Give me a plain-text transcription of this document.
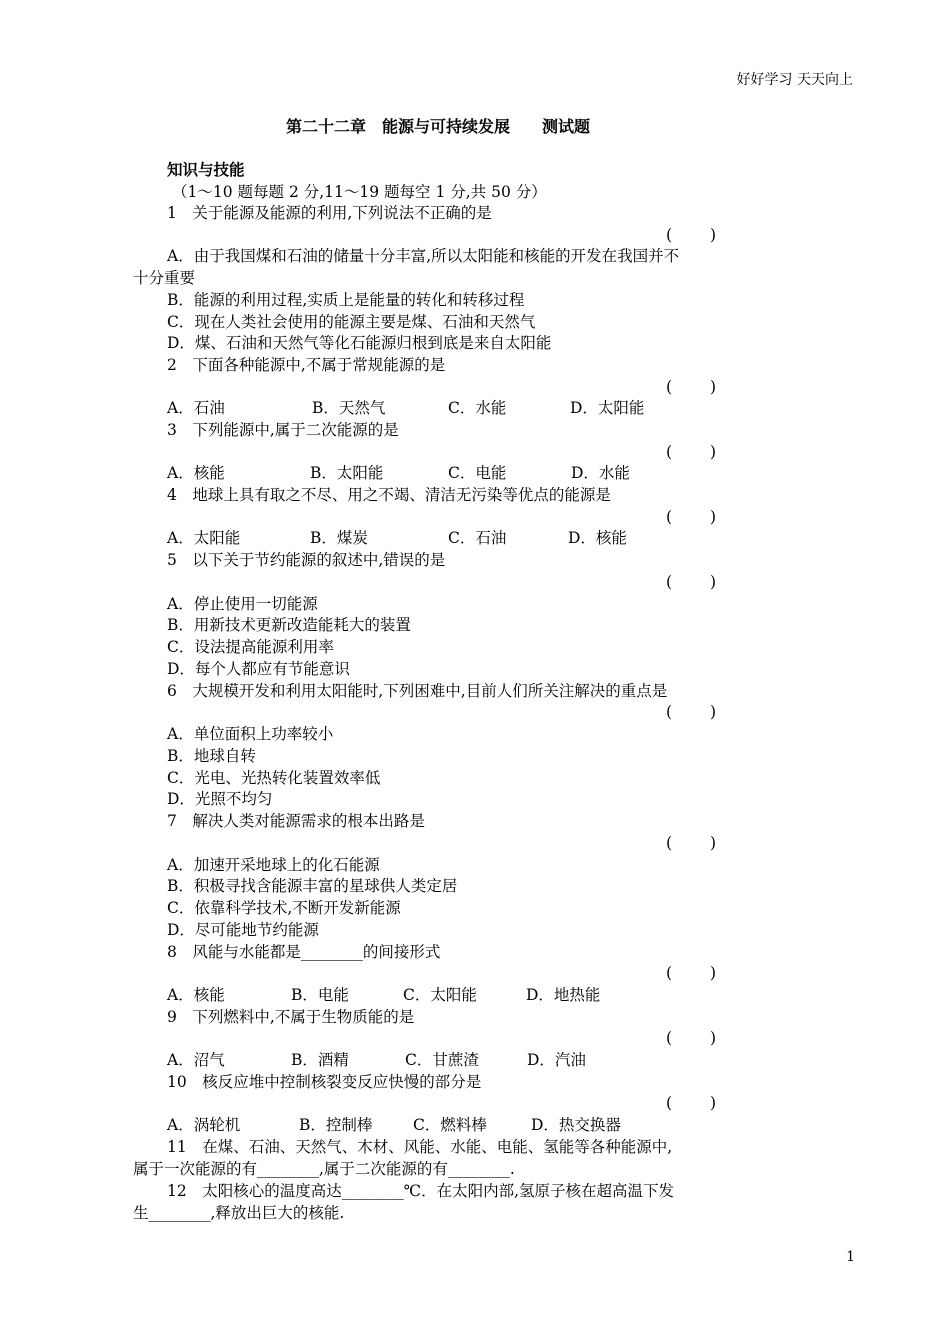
好好学习 天天向上
第二十二章　能源与可持续发展　　测试题
知识与技能
（1～10 题每题 2 分,11～19 题每空 1 分,共 50 分）
1　关于能源及能源的利用,下列说法不正确的是
( )
A．由于我国煤和石油的储量十分丰富,所以太阳能和核能的开发在我国并不
十分重要
B．能源的利用过程,实质上是能量的转化和转移过程
C．现在人类社会使用的能源主要是煤、石油和天然气
D．煤、石油和天然气等化石能源归根到底是来自太阳能
2　下面各种能源中,不属于常规能源的是
( )
A．石油	B．天然气	C．水能	D．太阳能
3　下列能源中,属于二次能源的是
( )
A．核能	B．太阳能	C．电能	D．水能
4　地球上具有取之不尽、用之不竭、清洁无污染等优点的能源是
( )
A．太阳能	B．煤炭	C．石油	D．核能
5　以下关于节约能源的叙述中,错误的是
( )
A．停止使用一切能源
B．用新技术更新改造能耗大的装置
C．设法提高能源利用率
D．每个人都应有节能意识
6　大规模开发和利用太阳能时,下列困难中,目前人们所关注解决的重点是
( )
A．单位面积上功率较小
B．地球自转
C．光电、光热转化装置效率低
D．光照不均匀
7　解决人类对能源需求的根本出路是
( )
A．加速开采地球上的化石能源
B．积极寻找含能源丰富的星球供人类定居
C．依靠科学技术,不断开发新能源
D．尽可能地节约能源
8　风能与水能都是________的间接形式
( )
A．核能	B．电能	C．太阳能	D．地热能
9　下列燃料中,不属于生物质能的是
( )
A．沼气	B．酒精	C．甘蔗渣	D．汽油
10　核反应堆中控制核裂变反应快慢的部分是
( )
A．涡轮机	B．控制棒	C．燃料棒	D．热交换器
11　在煤、石油、天然气、木材、风能、水能、电能、氢能等各种能源中,
属于一次能源的有________,属于二次能源的有________.
12　太阳核心的温度高达________℃．在太阳内部,氢原子核在超高温下发
生________,释放出巨大的核能.
1
